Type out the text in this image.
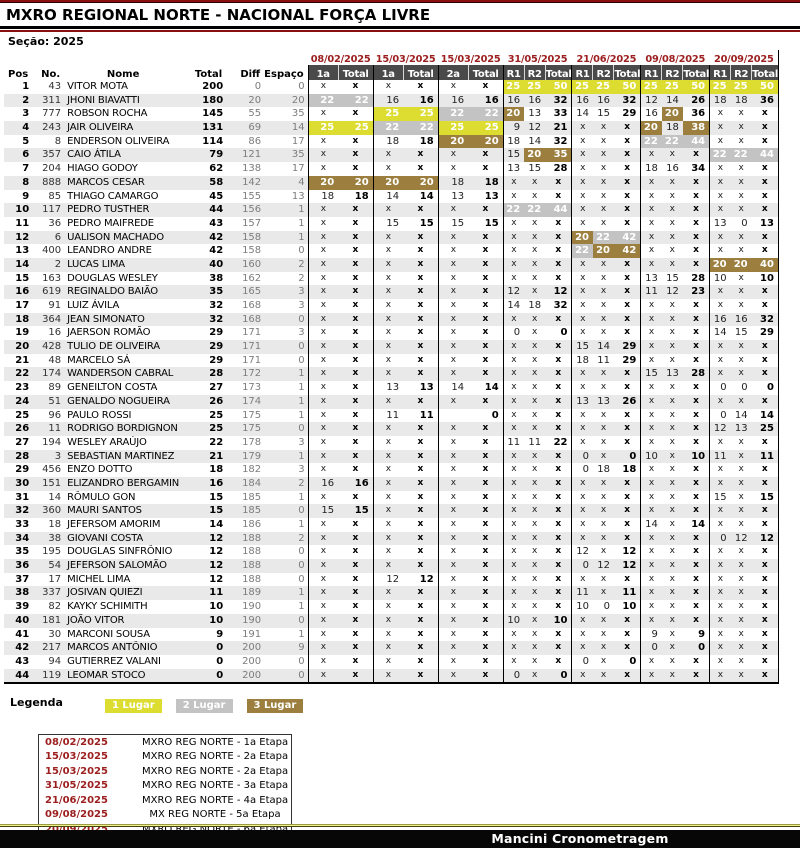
MXRO REGIONAL NORTE - NACIONAL FORÇA LIVRE
Seção: 2025
						08/02/2025		15/03/2025		15/03/2025		31/05/2025			21/06/2025			09/08/2025			20/09/2025		
Pos	No.	Nome	Total	Diff	Espaço	1a	Total	1a	Total	2a	Total	R1	R2	Total	R1	R2	Total	R1	R2	Total	R1	R2	Total
1	43	VITOR MOTA	200	0	0	x	x	x	x	x	x	25	25	50	25	25	50	25	25	50	25	25	50
2	311	JHONI BIAVATTI	180	20	20	22	22	16	16	16	16	16	16	32	16	16	32	12	14	26	18	18	36
3	777	ROBSON ROCHA	145	55	35	x	x	25	25	22	22	20	13	33	14	15	29	16	20	36	x	x	x
4	243	JAIR OLIVEIRA	131	69	14	25	25	22	22	25	25	9	12	21	x	x	x	20	18	38	x	x	x
5	8	ENDERSON OLIVEIRA	114	86	17	x	x	18	18	20	20	18	14	32	x	x	x	22	22	44	x	x	x
6	357	CAIO ÁTILA	79	121	35	x	x	x	x	x	x	15	20	35	x	x	x	x	x	x	22	22	44
7	204	HIAGO GODOY	62	138	17	x	x	x	x	x	x	13	15	28	x	x	x	18	16	34	x	x	x
8	888	MARCOS CESAR	58	142	4	20	20	20	20	18	18	x	x	x	x	x	x	x	x	x	x	x	x
9	85	THIAGO CAMARGO	45	155	13	18	18	14	14	13	13	x	x	x	x	x	x	x	x	x	x	x	x
10	117	PEDRO TUSTHER	44	156	1	x	x	x	x	x	x	22	22	44	x	x	x	x	x	x	x	x	x
11	36	PEDRO MAIFREDE	43	157	1	x	x	15	15	15	15	x	x	x	x	x	x	x	x	x	13	0	13
12	6	UALISON MACHADO	42	158	1	x	x	x	x	x	x	x	x	x	20	22	42	x	x	x	x	x	x
13	400	LEANDRO ANDRE	42	158	0	x	x	x	x	x	x	x	x	x	22	20	42	x	x	x	x	x	x
14	2	LUCAS LIMA	40	160	2	x	x	x	x	x	x	x	x	x	x	x	x	x	x	x	20	20	40
15	163	DOUGLAS WESLEY	38	162	2	x	x	x	x	x	x	x	x	x	x	x	x	13	15	28	10	x	10
16	619	REGINALDO BAIÃO	35	165	3	x	x	x	x	x	x	12	x	12	x	x	x	11	12	23	x	x	x
17	91	LUIZ ÁVILA	32	168	3	x	x	x	x	x	x	14	18	32	x	x	x	x	x	x	x	x	x
18	364	JEAN SIMONATO	32	168	0	x	x	x	x	x	x	x	x	x	x	x	x	x	x	x	16	16	32
19	16	JAERSON ROMÃO	29	171	3	x	x	x	x	x	x	0	x	0	x	x	x	x	x	x	14	15	29
20	428	TULIO DE OLIVEIRA	29	171	0	x	x	x	x	x	x	x	x	x	15	14	29	x	x	x	x	x	x
21	48	MARCELO SÁ	29	171	0	x	x	x	x	x	x	x	x	x	18	11	29	x	x	x	x	x	x
22	174	WANDERSON CABRAL	28	172	1	x	x	x	x	x	x	x	x	x	x	x	x	15	13	28	x	x	x
23	89	GENEILTON COSTA	27	173	1	x	x	13	13	14	14	x	x	x	x	x	x	x	x	x	0	0	0
24	51	GENALDO NOGUEIRA	26	174	1	x	x	x	x	x	x	x	x	x	13	13	26	x	x	x	x	x	x
25	96	PAULO ROSSI	25	175	1	x	x	11	11		0	x	x	x	x	x	x	x	x	x	0	14	14
26	11	RODRIGO BORDIGNON	25	175	0	x	x	x	x	x	x	x	x	x	x	x	x	x	x	x	12	13	25
27	194	WESLEY ARAÚJO	22	178	3	x	x	x	x	x	x	11	11	22	x	x	x	x	x	x	x	x	x
28	3	SEBASTIAN MARTINEZ	21	179	1	x	x	x	x	x	x	x	x	x	0	x	0	10	x	10	11	x	11
29	456	ENZO DOTTO	18	182	3	x	x	x	x	x	x	x	x	x	0	18	18	x	x	x	x	x	x
30	151	ELIZANDRO BERGAMIN	16	184	2	16	16	x	x	x	x	x	x	x	x	x	x	x	x	x	x	x	x
31	14	RÔMULO GON	15	185	1	x	x	x	x	x	x	x	x	x	x	x	x	x	x	x	15	x	15
32	360	MAURI SANTOS	15	185	0	15	15	x	x	x	x	x	x	x	x	x	x	x	x	x	x	x	x
33	18	JEFERSOM AMORIM	14	186	1	x	x	x	x	x	x	x	x	x	x	x	x	14	x	14	x	x	x
34	38	GIOVANI COSTA	12	188	2	x	x	x	x	x	x	x	x	x	x	x	x	x	x	x	0	12	12
35	195	DOUGLAS SINFRÔNIO	12	188	0	x	x	x	x	x	x	x	x	x	12	x	12	x	x	x	x	x	x
36	54	JEFERSON SALOMÃO	12	188	0	x	x	x	x	x	x	x	x	x	0	12	12	x	x	x	x	x	x
37	17	MICHEL LIMA	12	188	0	x	x	12	12	x	x	x	x	x	x	x	x	x	x	x	x	x	x
38	337	JOSIVAN QUIEZI	11	189	1	x	x	x	x	x	x	x	x	x	11	x	11	x	x	x	x	x	x
39	82	KAYKY SCHIMITH	10	190	1	x	x	x	x	x	x	x	x	x	10	0	10	x	x	x	x	x	x
40	181	JOÃO VITOR	10	190	0	x	x	x	x	x	x	10	x	10	x	x	x	x	x	x	x	x	x
41	30	MARCONI SOUSA	9	191	1	x	x	x	x	x	x	x	x	x	x	x	x	9	x	9	x	x	x
42	217	MARCOS ANTÔNIO	0	200	9	x	x	x	x	x	x	x	x	x	x	x	x	0	x	0	x	x	x
43	94	GUTIERREZ VALANI	0	200	0	x	x	x	x	x	x	x	x	x	0	x	0	x	x	x	x	x	x
44	119	LEOMAR STOCO	0	200	0	x	x	x	x	x	x	0	x	0	x	x	x	x	x	x	x	x	x
Legenda	1 Lugar	2 Lugar	3 Lugar
08/02/2025	MXRO REG NORTE - 1a Etapa
15/03/2025	MXRO REG NORTE - 2a Etapa
15/03/2025	MXRO REG NORTE - 2a Etapa
31/05/2025	MXRO REG NORTE - 3a Etapa
21/06/2025	MXRO REG NORTE - 4a Etapa
09/08/2025	MX REG NORTE - 5a Etapa

Mancini Cronometragem
